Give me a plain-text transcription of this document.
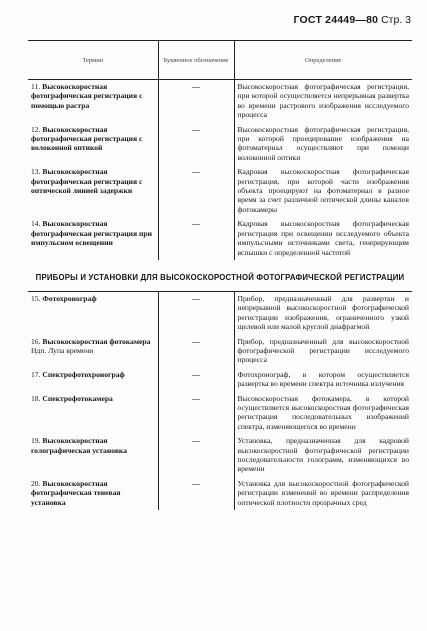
ГОСТ 24449—80 Стр. 3
Термин	Буквенное обозначение	Определение
11. Высокоскоростная фотографическая регистрация с помощью растра	—	Высокоскоростная фотографическая регистрация, при которой осуществляется непрерывная развертка во времени растрового изображения исследуемого процесса
12. Высокоскоростная фотографическая регистрация с волоконной оптикой	—	Высокоскоростная фотографическая регистрация, при которой проецирование изображения на фотоматериал осуществляют при помощи волоконной оптики
13. Высокоскоростная фотографическая регистрация с оптической линией задержки	—	Кадровая высокоскоростная фотографическая регистрация, при которой части изображения объекта проецируют на фотоматериал в разное время за счет различной оптической длины каналов фотокамеры
14. Высокоскоростная фотографическая регистрация при импульсном освещении	—	Кадровая высокоскоростная фотографическая регистрация при освещении исследуемого объекта импульсными источниками света, генерирующим вспышки с определенной частотой
ПРИБОРЫ И УСТАНОВКИ ДЛЯ ВЫСОКОСКОРОСТНОЙ ФОТОГРАФИЧЕСКОЙ РЕГИСТРАЦИИ		
15. Фотохронограф	—	Прибор, предназначенный для развертки и непрерывной высокоскоростной фотографической регистрации изображения, ограниченного узкой щелевой или малой круглой диафрагмой
16. Высокоскоростная фотокамера
Ндп. Лупа времени	—	Прибор, предназначенный для высокоскоростной фотографической регистрации исследуемого процесса
17. Спектрофотохронограф	—	Фотохронограф, в котором осуществляется развертка во времени спектра источника излучения
18. Спектрофотокамера	—	Высокоскоростная фотокамера, в которой осуществляется высокоскоростная фотографическая регистрация последовательных изображений спектра, изменяющегося во времени
19. Высокоскоростная голографическая установка	—	Установка, предназначенная для кадровой высокоскоростной фотографической регистрации последовательности голограмм, изменяющихся во времени
20. Высокоскоростная фотографическая теневая установка	—	Установка для высокоскоростной фотографической регистрации изменений во времени распределения оптической плотности прозрачных сред
